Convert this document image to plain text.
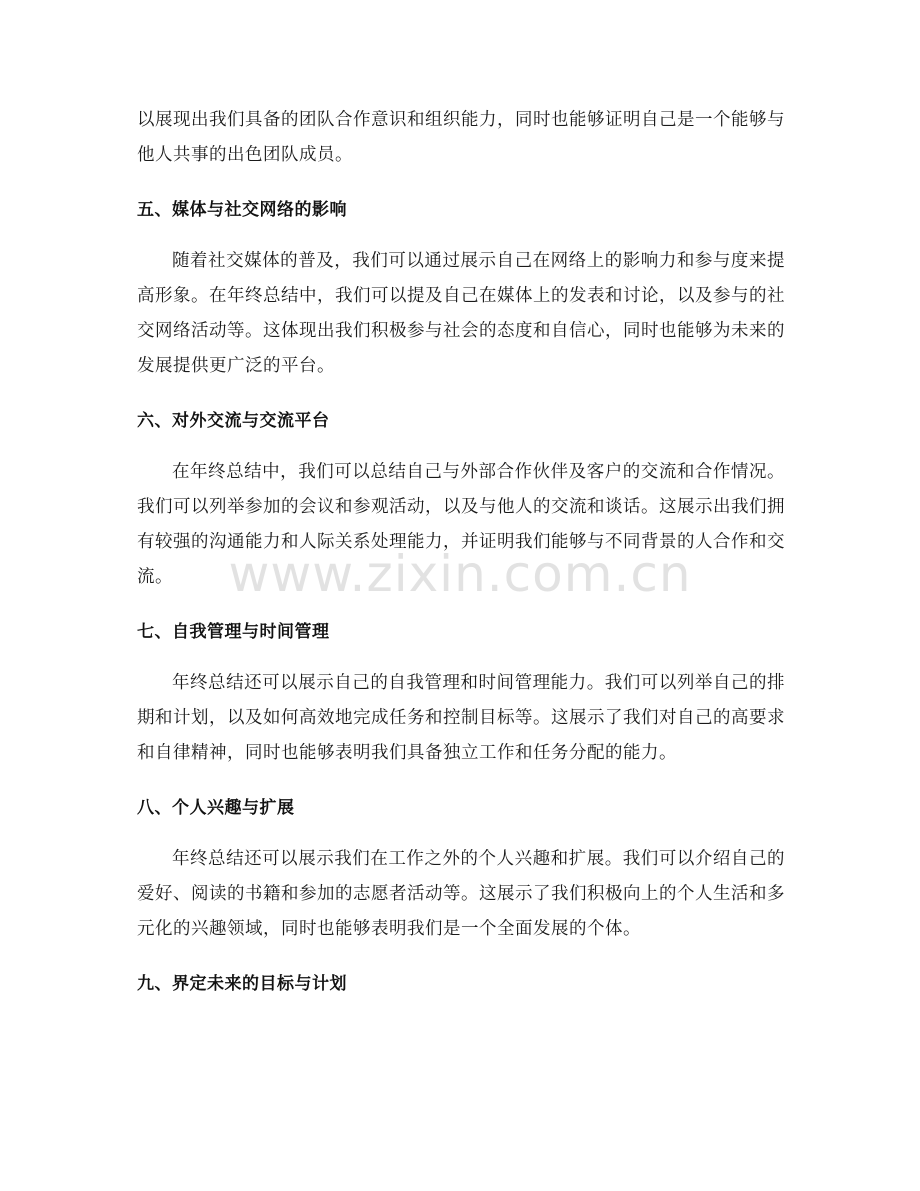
以展现出我们具备的团队合作意识和组织能力，同时也能够证明自己是一个能够与他人共事的出色团队成员。

五、媒体与社交网络的影响

随着社交媒体的普及，我们可以通过展示自己在网络上的影响力和参与度来提高形象。在年终总结中，我们可以提及自己在媒体上的发表和讨论，以及参与的社交网络活动等。这体现出我们积极参与社会的态度和自信心，同时也能够为未来的发展提供更广泛的平台。

六、对外交流与交流平台

在年终总结中，我们可以总结自己与外部合作伙伴及客户的交流和合作情况。我们可以列举参加的会议和参观活动，以及与他人的交流和谈话。这展示出我们拥有较强的沟通能力和人际关系处理能力，并证明我们能够与不同背景的人合作和交流。

七、自我管理与时间管理

年终总结还可以展示自己的自我管理和时间管理能力。我们可以列举自己的排期和计划，以及如何高效地完成任务和控制目标等。这展示了我们对自己的高要求和自律精神，同时也能够表明我们具备独立工作和任务分配的能力。

八、个人兴趣与扩展

年终总结还可以展示我们在工作之外的个人兴趣和扩展。我们可以介绍自己的爱好、阅读的书籍和参加的志愿者活动等。这展示了我们积极向上的个人生活和多元化的兴趣领域，同时也能够表明我们是一个全面发展的个体。

九、界定未来的目标与计划
www.zixin.com.cn
